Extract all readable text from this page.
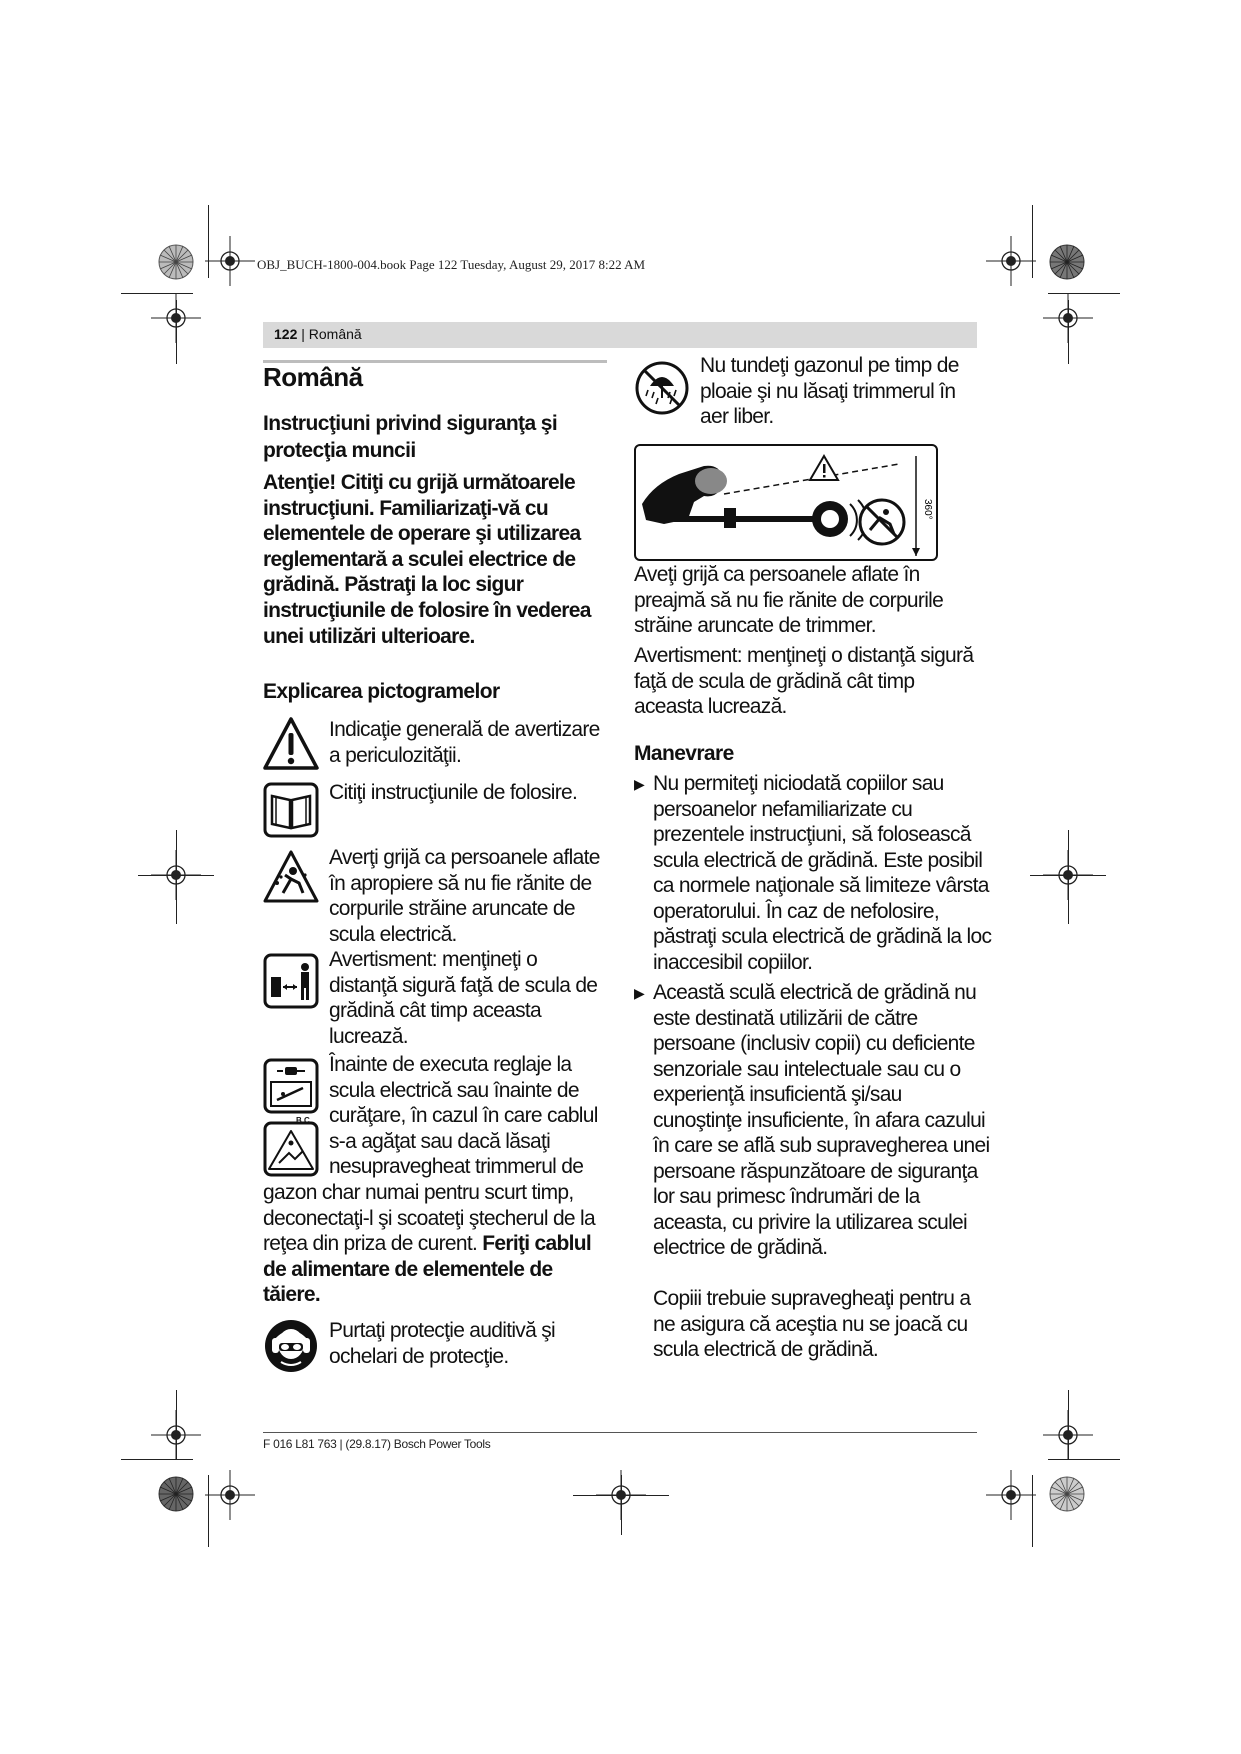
OBJ_BUCH-1800-004.book Page 122 Tuesday, August 29, 2017 8:22 AM
122 | Română
Română
Instrucţiuni privind siguranţa şi protecţia muncii
Atenţie! Citiţi cu grijă următoarele instrucţiuni. Familiarizaţi-vă cu elementele de operare şi utilizarea reglementară a sculei electrice de grădină. Păstraţi la loc sigur instrucţiunile de folosire în vederea unei utilizări ulterioare.
Explicarea pictogramelor
Indicaţie generală de avertizare a periculozităţii.
Citiţi instrucţiunile de folosire.
Averţi grijă ca persoanele aflate în apropiere să nu fie rănite de corpurile străine aruncate de scula electrică.
Avertisment: menţineţi o distanţă sigură faţă de scula de grădină cât timp aceasta lucrează.
B.C.
Înainte de executa reglaje la scula electrică sau înainte de curăţare, în cazul în care cablul s-a agăţat sau dacă lăsaţi nesupravegheat trimmerul de
gazon char numai pentru scurt timp, deconectaţi-l şi scoateţi ştecherul de la reţea din priza de curent. Feriţi cablul de alimentare de elementele de tăiere.
Purtaţi protecţie auditivă şi ochelari de protecţie.
Nu tundeţi gazonul pe timp de ploaie şi nu lăsaţi trimmerul în aer liber.
360°
Aveţi grijă ca persoanele aflate în preajmă să nu fie rănite de corpurile străine aruncate de trimmer.
Avertisment: menţineţi o distanţă sigură faţă de scula de grădină cât timp aceasta lucrează.
Manevrare
▶ Nu permiteţi niciodată copiilor sau persoanelor nefamiliarizate cu prezentele instrucţiuni, să folosească scula electrică de grădină. Este posibil ca normele naţionale să limiteze vârsta operatorului. În caz de nefolosire, păstraţi scula electrică de grădină la loc inaccesibil copiilor.
▶ Această sculă electrică de grădină nu este destinată utilizării de către persoane (inclusiv copii) cu deficiente senzoriale sau intelectuale sau cu o experienţă insuficientă şi/sau cunoştinţe insuficiente, în afara cazului în care se află sub supravegherea unei persoane răspunzătoare de siguranţa lor sau primesc îndrumări de la aceasta, cu privire la utilizarea sculei electrice de grădină.
Copiii trebuie supravegheaţi pentru a ne asigura că aceştia nu se joacă cu scula electrică de grădină.
F 016 L81 763 | (29.8.17) Bosch Power Tools
